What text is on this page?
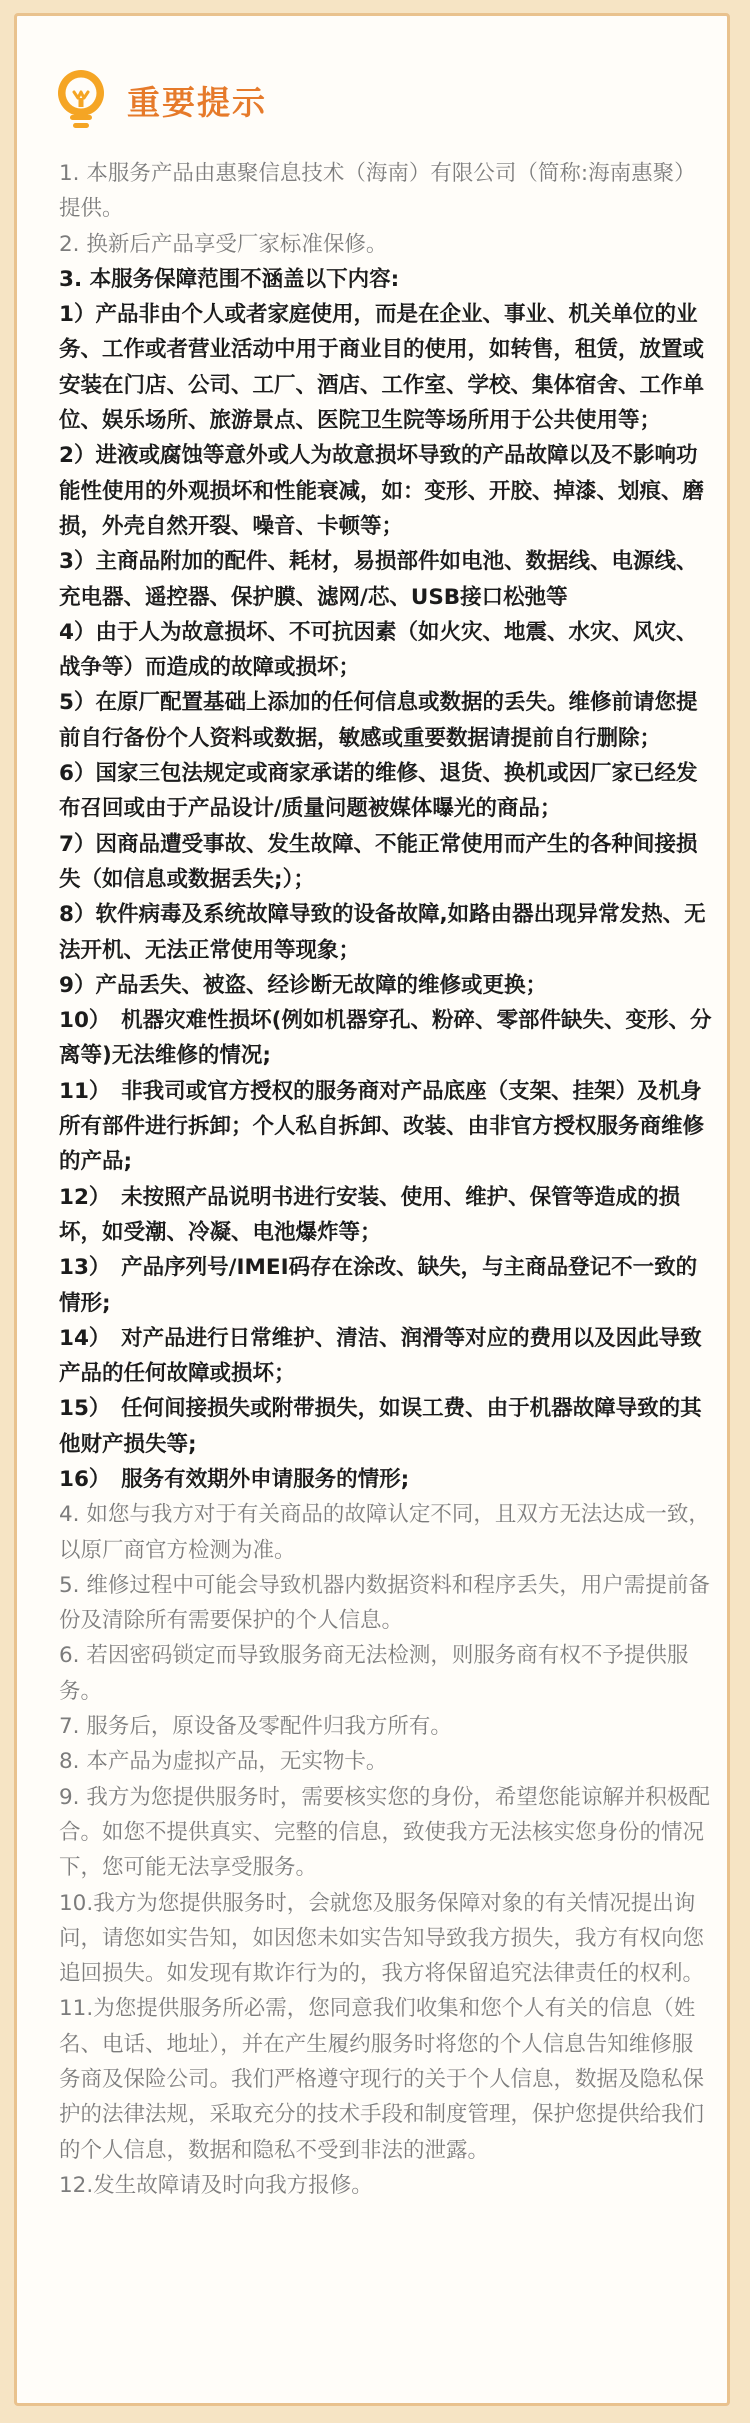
重要提示

1. 本服务产品由惠聚信息技术（海南）有限公司（简称:海南惠聚）提供。

2. 换新后产品享受厂家标准保修。

3. 本服务保障范围不涵盖以下内容:

1）产品非由个人或者家庭使用，而是在企业、事业、机关单位的业务、工作或者营业活动中用于商业目的使用，如转售，租赁，放置或安装在门店、公司、工厂、酒店、工作室、学校、集体宿舍、工作单位、娱乐场所、旅游景点、医院卫生院等场所用于公共使用等；

2）进液或腐蚀等意外或人为故意损坏导致的产品故障以及不影响功能性使用的外观损坏和性能衰减，如：变形、开胶、掉漆、划痕、磨损，外壳自然开裂、噪音、卡顿等；

3）主商品附加的配件、耗材，易损部件如电池、数据线、电源线、充电器、遥控器、保护膜、滤网/芯、USB接口松弛等

4）由于人为故意损坏、不可抗因素（如火灾、地震、水灾、风灾、战争等）而造成的故障或损坏；

5）在原厂配置基础上添加的任何信息或数据的丢失。维修前请您提前自行备份个人资料或数据，敏感或重要数据请提前自行删除；

6）国家三包法规定或商家承诺的维修、退货、换机或因厂家已经发布召回或由于产品设计/质量问题被媒体曝光的商品；

7）因商品遭受事故、发生故障、不能正常使用而产生的各种间接损失（如信息或数据丢失;）；

8）软件病毒及系统故障导致的设备故障,如路由器出现异常发热、无法开机、无法正常使用等现象；

9）产品丢失、被盗、经诊断无故障的维修或更换；

10）　机器灾难性损坏(例如机器穿孔、粉碎、零部件缺失、变形、分离等)无法维修的情况;

11）　非我司或官方授权的服务商对产品底座（支架、挂架）及机身所有部件进行拆卸；个人私自拆卸、改装、由非官方授权服务商维修的产品;

12）　未按照产品说明书进行安装、使用、维护、保管等造成的损坏，如受潮、冷凝、电池爆炸等；

13）　产品序列号/IMEI码存在涂改、缺失，与主商品登记不一致的情形;

14）　对产品进行日常维护、清洁、润滑等对应的费用以及因此导致产品的任何故障或损坏；

15）　任何间接损失或附带损失，如误工费、由于机器故障导致的其他财产损失等;

16）　服务有效期外申请服务的情形;

4. 如您与我方对于有关商品的故障认定不同，且双方无法达成一致，以原厂商官方检测为准。

5. 维修过程中可能会导致机器内数据资料和程序丢失，用户需提前备份及清除所有需要保护的个人信息。

6. 若因密码锁定而导致服务商无法检测，则服务商有权不予提供服务。

7. 服务后，原设备及零配件归我方所有。

8. 本产品为虚拟产品，无实物卡。

9. 我方为您提供服务时，需要核实您的身份，希望您能谅解并积极配合。如您不提供真实、完整的信息，致使我方无法核实您身份的情况下，您可能无法享受服务。

10.我方为您提供服务时，会就您及服务保障对象的有关情况提出询问，请您如实告知，如因您未如实告知导致我方损失，我方有权向您追回损失。如发现有欺诈行为的，我方将保留追究法律责任的权利。

11.为您提供服务所必需，您同意我们收集和您个人有关的信息（姓名、电话、地址），并在产生履约服务时将您的个人信息告知维修服务商及保险公司。我们严格遵守现行的关于个人信息，数据及隐私保护的法律法规，采取充分的技术手段和制度管理，保护您提供给我们的个人信息，数据和隐私不受到非法的泄露。

12.发生故障请及时向我方报修。
